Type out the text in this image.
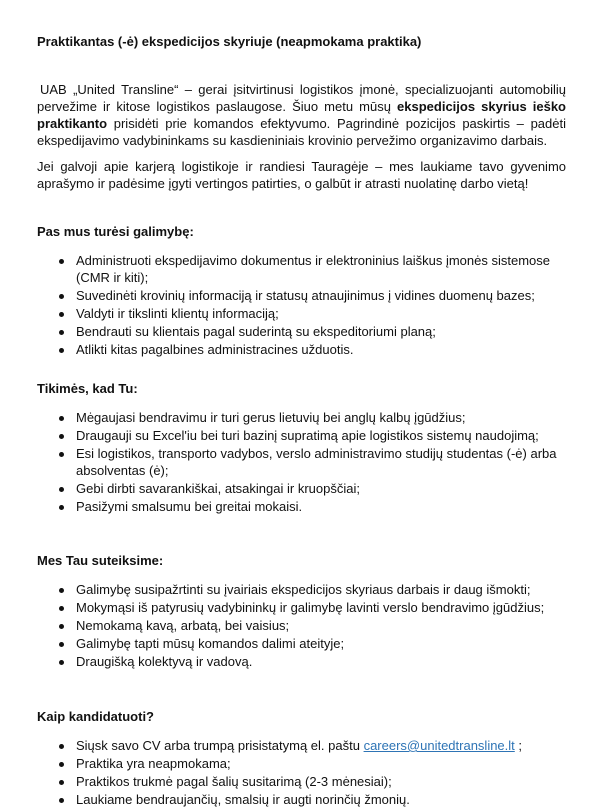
Praktikantas (-ė) ekspedicijos skyriuje (neapmokama praktika)

UAB „United Transline“ – gerai įsitvirtinusi logistikos įmonė, specializuojanti automobilių pervežime ir kitose logistikos paslaugose. Šiuo metu mūsų ekspedicijos skyrius ieško praktikanto prisidėti prie komandos efektyvumo. Pagrindinė pozicijos paskirtis – padėti ekspedijavimo vadybininkams su kasdieniniais krovinio pervežimo organizavimo darbais.

Jei galvoji apie karjerą logistikoje ir randiesi Tauragėje – mes laukiame tavo gyvenimo aprašymo ir padėsime įgyti vertingos patirties, o galbūt ir atrasti nuolatinę darbo vietą!

Pas mus turėsi galimybę:
Administruoti ekspedijavimo dokumentus ir elektroninius laiškus įmonės sistemose (CMR ir kiti);
Suvedinėti krovinių informaciją ir statusų atnaujinimus į vidines duomenų bazes;
Valdyti ir tikslinti klientų informaciją;
Bendrauti su klientais pagal suderintą su ekspeditoriumi planą;
Atlikti kitas pagalbines administracines užduotis.
Tikimės, kad Tu:
Mėgaujasi bendravimu ir turi gerus lietuvių bei anglų kalbų įgūdžius;
Draugauji su Excel'iu bei turi bazinį supratimą apie logistikos sistemų naudojimą;
Esi logistikos, transporto vadybos, verslo administravimo studijų studentas (-ė) arba absolventas (ė);
Gebi dirbti savarankiškai, atsakingai ir kruopščiai;
Pasižymi smalsumu bei greitai mokaisi.
Mes Tau suteiksime:
Galimybę susipažrtinti su įvairiais ekspedicijos skyriaus darbais ir daug išmokti;
Mokymąsi iš patyrusių vadybininkų ir galimybę lavinti verslo bendravimo įgūdžius;
Nemokamą kavą, arbatą, bei vaisius;
Galimybę tapti mūsų komandos dalimi ateityje;
Draugišką kolektyvą ir vadovą.
Kaip kandidatuoti?
Siųsk savo CV arba trumpą prisistatymą el. paštu careers@unitedtransline.lt ;
Praktika yra neapmokama;
Praktikos trukmė pagal šalių susitarimą (2-3 mėnesiai);
Laukiame bendraujančių, smalsių ir augti norinčių žmonių.
